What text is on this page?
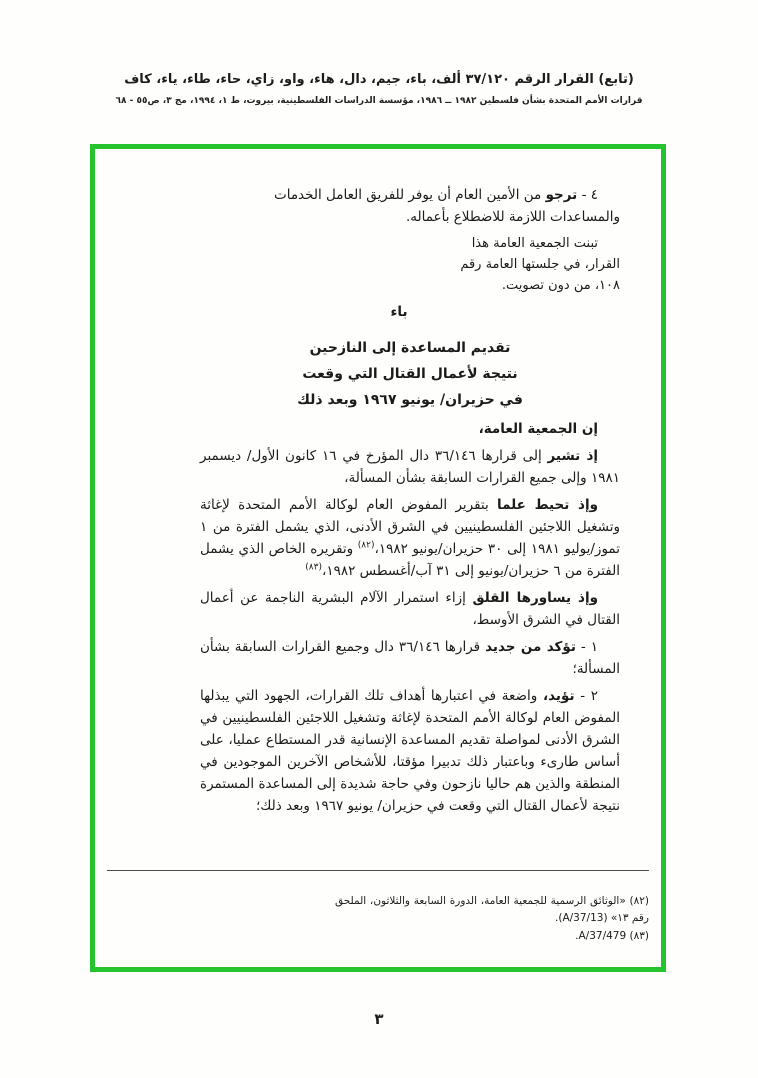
(تابع) القرار الرقم ٣٧/١٢٠ ألف، باء، جيم، دال، هاء، واو، زاي، حاء، طاء، ياء، كاف
قرارات الأمم المتحدة بشأن فلسطين ١٩٨٢ ــ ١٩٨٦، مؤسسة الدراسات الفلسطينية، بيروت، ط ١، ١٩٩٤، مج ٣، ص٥٥ - ٦٨

٤ - ترجو من الأمين العام أن يوفر للفريق العامل الخدمات والمساعدات اللازمة للاضطلاع بأعماله.

تبنت الجمعية العامة هذا القرار، في جلستها العامة رقم ١٠٨، من دون تصويت.

باء

تقديم المساعدة إلى النازحين
نتيجة لأعمال القتال التي وقعت
في حزيران/ يونيو ١٩٦٧ وبعد ذلك

إن الجمعية العامة،

إذ تشير إلى قرارها ٣٦/١٤٦ دال المؤرخ في ١٦ كانون الأول/ ديسمبر ١٩٨١ وإلى جميع القرارات السابقة بشأن المسألة،

وإذ تحيط علما بتقرير المفوض العام لوكالة الأمم المتحدة لإغاثة وتشغيل اللاجئين الفلسطينيين في الشرق الأدنى، الذي يشمل الفترة من ١ تموز/يوليو ١٩٨١ إلى ٣٠ حزيران/يونيو ١٩٨٢،$^{(٨٢)}$ وتقريره الخاص الذي يشمل الفترة من ٦ حزيران/يونيو إلى ٣١ آب/أغسطس ١٩٨٢،$^{(٨٣)}$

وإذ يساورها القلق إزاء استمرار الآلام البشرية الناجمة عن أعمال القتال في الشرق الأوسط،

١ - تؤكد من جديد قرارها ٣٦/١٤٦ دال وجميع القرارات السابقة بشأن المسألة؛

٢ - تؤيد، واضعة في اعتبارها أهداف تلك القرارات، الجهود التي يبذلها المفوض العام لوكالة الأمم المتحدة لإغاثة وتشغيل اللاجئين الفلسطينيين في الشرق الأدنى لمواصلة تقديم المساعدة الإنسانية قدر المستطاع عمليا، على أساس طارىء وباعتبار ذلك تدبيرا مؤقتا، للأشخاص الآخرين الموجودين في المنطقة والذين هم حاليا نازحون وفي حاجة شديدة إلى المساعدة المستمرة نتيجة لأعمال القتال التي وقعت في حزيران/ يونيو ١٩٦٧ وبعد ذلك؛

(٨٢) «الوثائق الرسمية للجمعية العامة، الدورة السابعة والثلاثون، الملحق رقم ١٣» (A/37/13).

(٨٣) A/37/479.

٣
